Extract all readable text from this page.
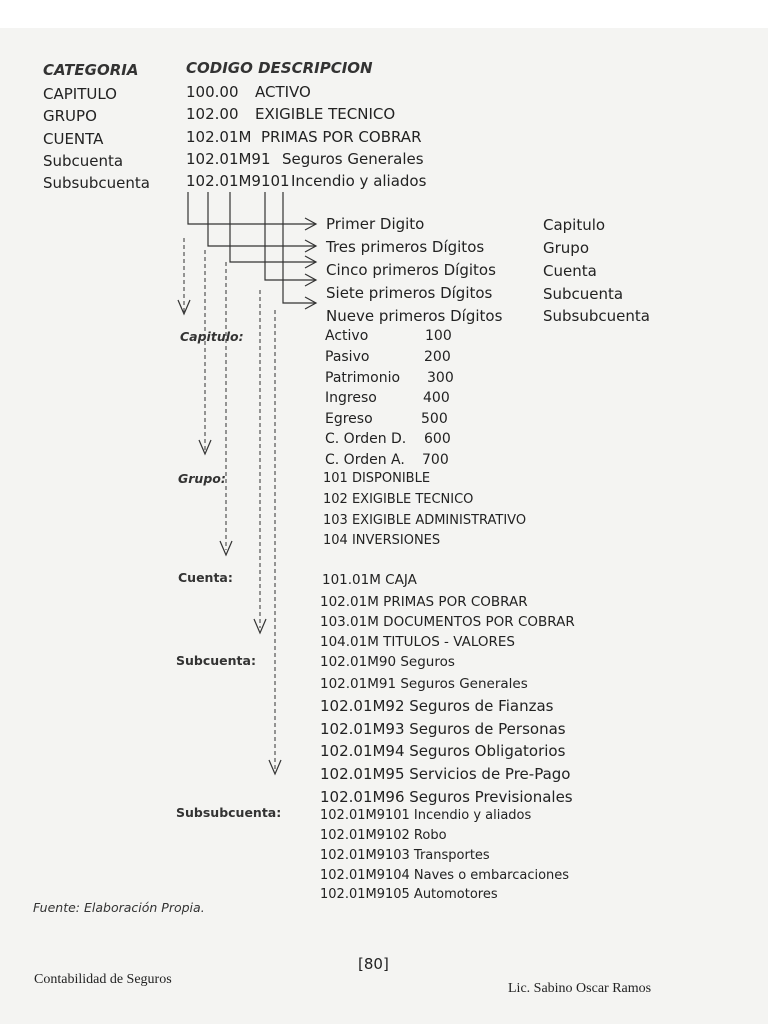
CATEGORIA	CODIGO DESCRIPCION
CAPITULO	100.00 ACTIVO
GRUPO	102.00 EXIGIBLE TECNICO
CUENTA	102.01M PRIMAS POR COBRAR
Subcuenta	102.01M91 Seguros Generales
Subsubcuenta 102.01M9101 Incendio y aliados
Primer Digito	Capitulo
Tres primeros Dígitos	Grupo
Cinco primeros Dígitos	Cuenta
Siete primeros Dígitos	Subcuenta
Nueve primeros Dígitos	Subsubcuenta
Capitulo:	Activo	100
Pasivo	200
Patrimonio 300
Ingreso	400
Egreso	500
C. Orden D. 600
C. Orden A. 700
Grupo:	101 DISPONIBLE
102 EXIGIBLE TECNICO
103 EXIGIBLE ADMINISTRATIVO
104 INVERSIONES
Cuenta:	101.01M CAJA
102.01M PRIMAS POR COBRAR
103.01M DOCUMENTOS POR COBRAR
104.01M TITULOS - VALORES
Subcuenta:	102.01M90 Seguros
102.01M91 Seguros Generales
102.01M92 Seguros de Fianzas
102.01M93 Seguros de Personas
102.01M94 Seguros Obligatorios
102.01M95 Servicios de Pre-Pago
102.01M96 Seguros Previsionales
Subsubcuenta:	102.01M9101 Incendio y aliados
102.01M9102 Robo
102.01M9103 Transportes
102.01M9104 Naves o embarcaciones
102.01M9105 Automotores
Fuente: Elaboración Propia.
[80]
Contabilidad de Seguros
Lic. Sabino Oscar Ramos
